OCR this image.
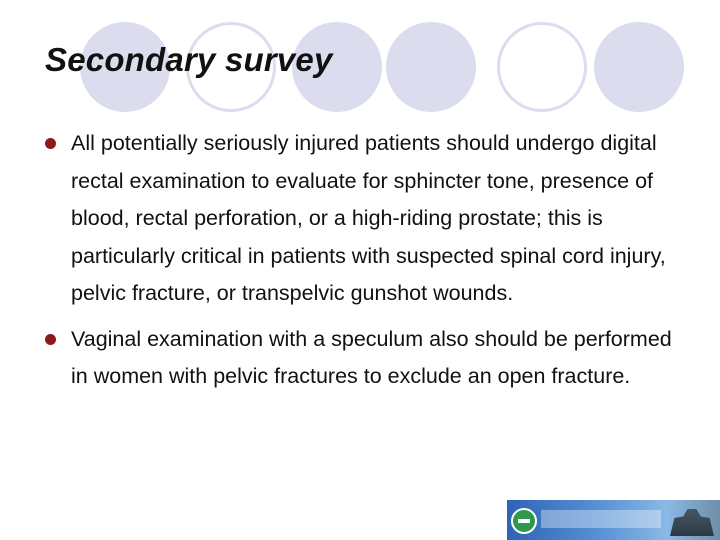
Secondary survey
All potentially seriously injured patients should undergo digital rectal examination to evaluate for sphincter tone, presence of blood, rectal perforation, or a high-riding prostate; this is particularly critical in patients with suspected spinal cord injury, pelvic fracture, or transpelvic gunshot wounds.
Vaginal examination with a speculum also should be performed in women with pelvic fractures to exclude an open fracture.
